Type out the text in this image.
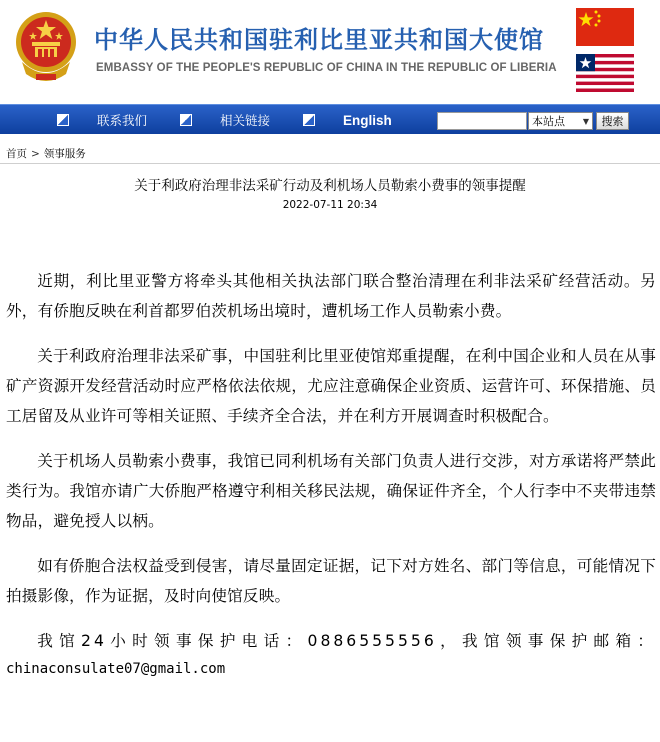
中华人民共和国驻利比里亚共和国大使馆
EMBASSY OF THE PEOPLE'S REPUBLIC OF CHINA IN THE REPUBLIC OF LIBERIA
联系我们	相关链接	English	本站点 ▼	搜索
首页 > 领事服务
关于利政府治理非法采矿行动及利机场人员勒索小费事的领事提醒
2022-07-11 20:34

近期，利比里亚警方将牵头其他相关执法部门联合整治清理在利非法采矿经营活动。另外，有侨胞反映在利首都罗伯茨机场出境时，遭机场工作人员勒索小费。

关于利政府治理非法采矿事，中国驻利比里亚使馆郑重提醒，在利中国企业和人员在从事矿产资源开发经营活动时应严格依法依规，尤应注意确保企业资质、运营许可、环保措施、员工居留及从业许可等相关证照、手续齐全合法，并在利方开展调查时积极配合。

关于机场人员勒索小费事，我馆已同利机场有关部门负责人进行交涉，对方承诺将严禁此类行为。我馆亦请广大侨胞严格遵守利相关移民法规，确保证件齐全，个人行李中不夹带违禁物品，避免授人以柄。

如有侨胞合法权益受到侵害，请尽量固定证据，记下对方姓名、部门等信息，可能情况下拍摄影像，作为证据，及时向使馆反映。

我馆24小时领事保护电话：0886555556，我馆领事保护邮箱：

chinaconsulate07@gmail.com
